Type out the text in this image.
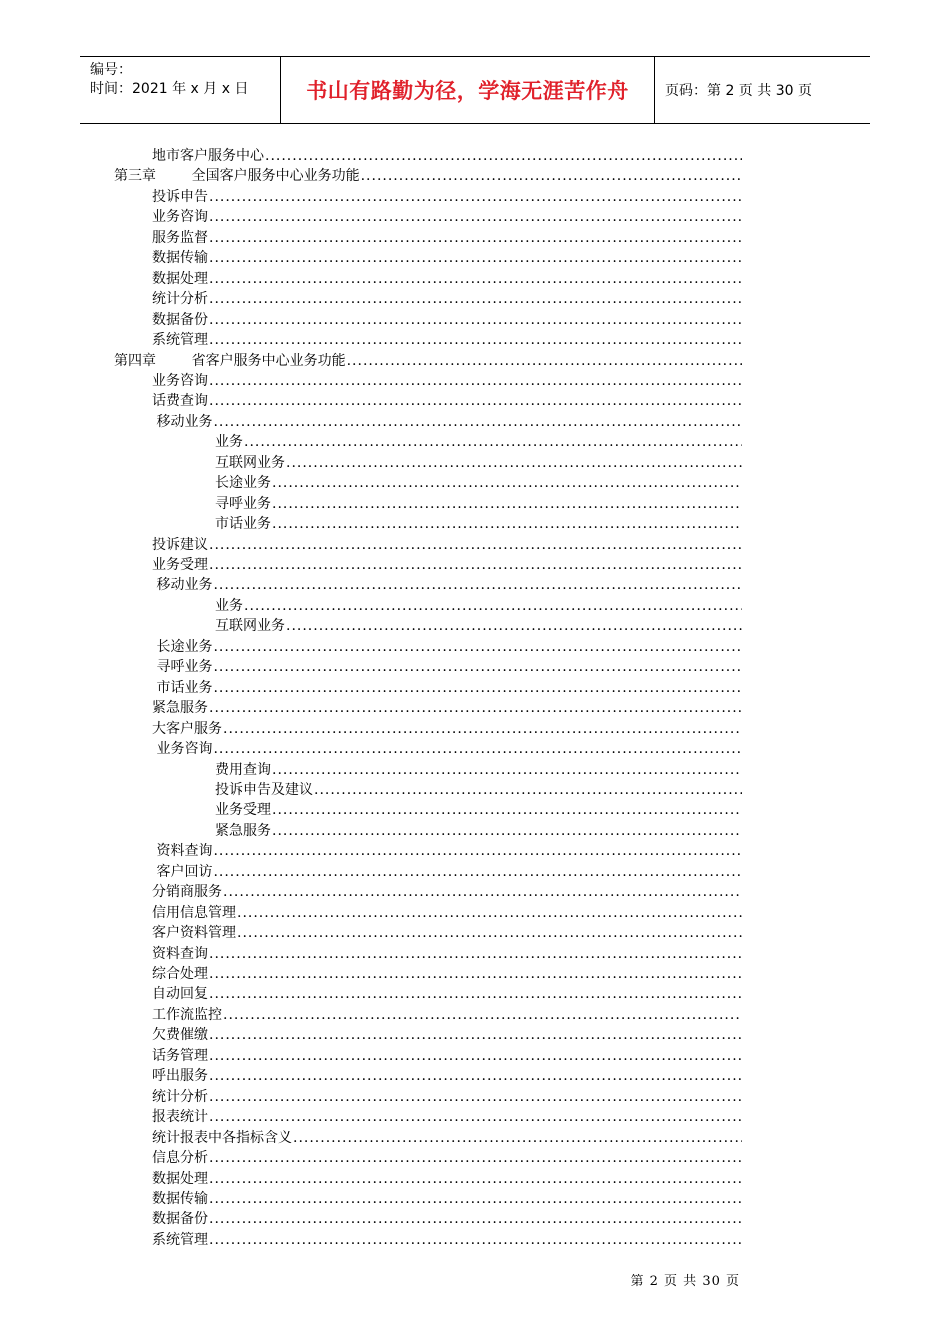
编号：
时间：2021 年 x 月 x 日	书山有路勤为径，学海无涯苦作舟	页码：第 2 页 共 30 页
地市客户服务中心
.....
第三章        全国客户服务中心业务功能
.....
投诉申告
.....
业务咨询
.....
服务监督
.....
数据传输
.....
数据处理
.....
统计分析
.....
数据备份
.....
系统管理
.....
第四章        省客户服务中心业务功能
.....
业务咨询
.....
话费查询
.....
移动业务
.....
业务
.....
互联网业务
.....
长途业务
.....
寻呼业务
.....
市话业务
.....
投诉建议
.....
业务受理
.....
移动业务
.....
业务
.....
互联网业务
.....
长途业务
.....
寻呼业务
.....
市话业务
.....
紧急服务
.....
大客户服务
.....
业务咨询
.....
费用查询
.....
投诉申告及建议
.....
业务受理
.....
紧急服务
.....
资料查询
.....
客户回访
.....
分销商服务
.....
信用信息管理
.....
客户资料管理
.....
资料查询
.....
综合处理
.....
自动回复
.....
工作流监控
.....
欠费催缴
.....
话务管理
.....
呼出服务
.....
统计分析
.....
报表统计
.....
统计报表中各指标含义
.....
信息分析
.....
数据处理
.....
数据传输
.....
数据备份
.....
系统管理
.....
第 2 页 共 30 页
